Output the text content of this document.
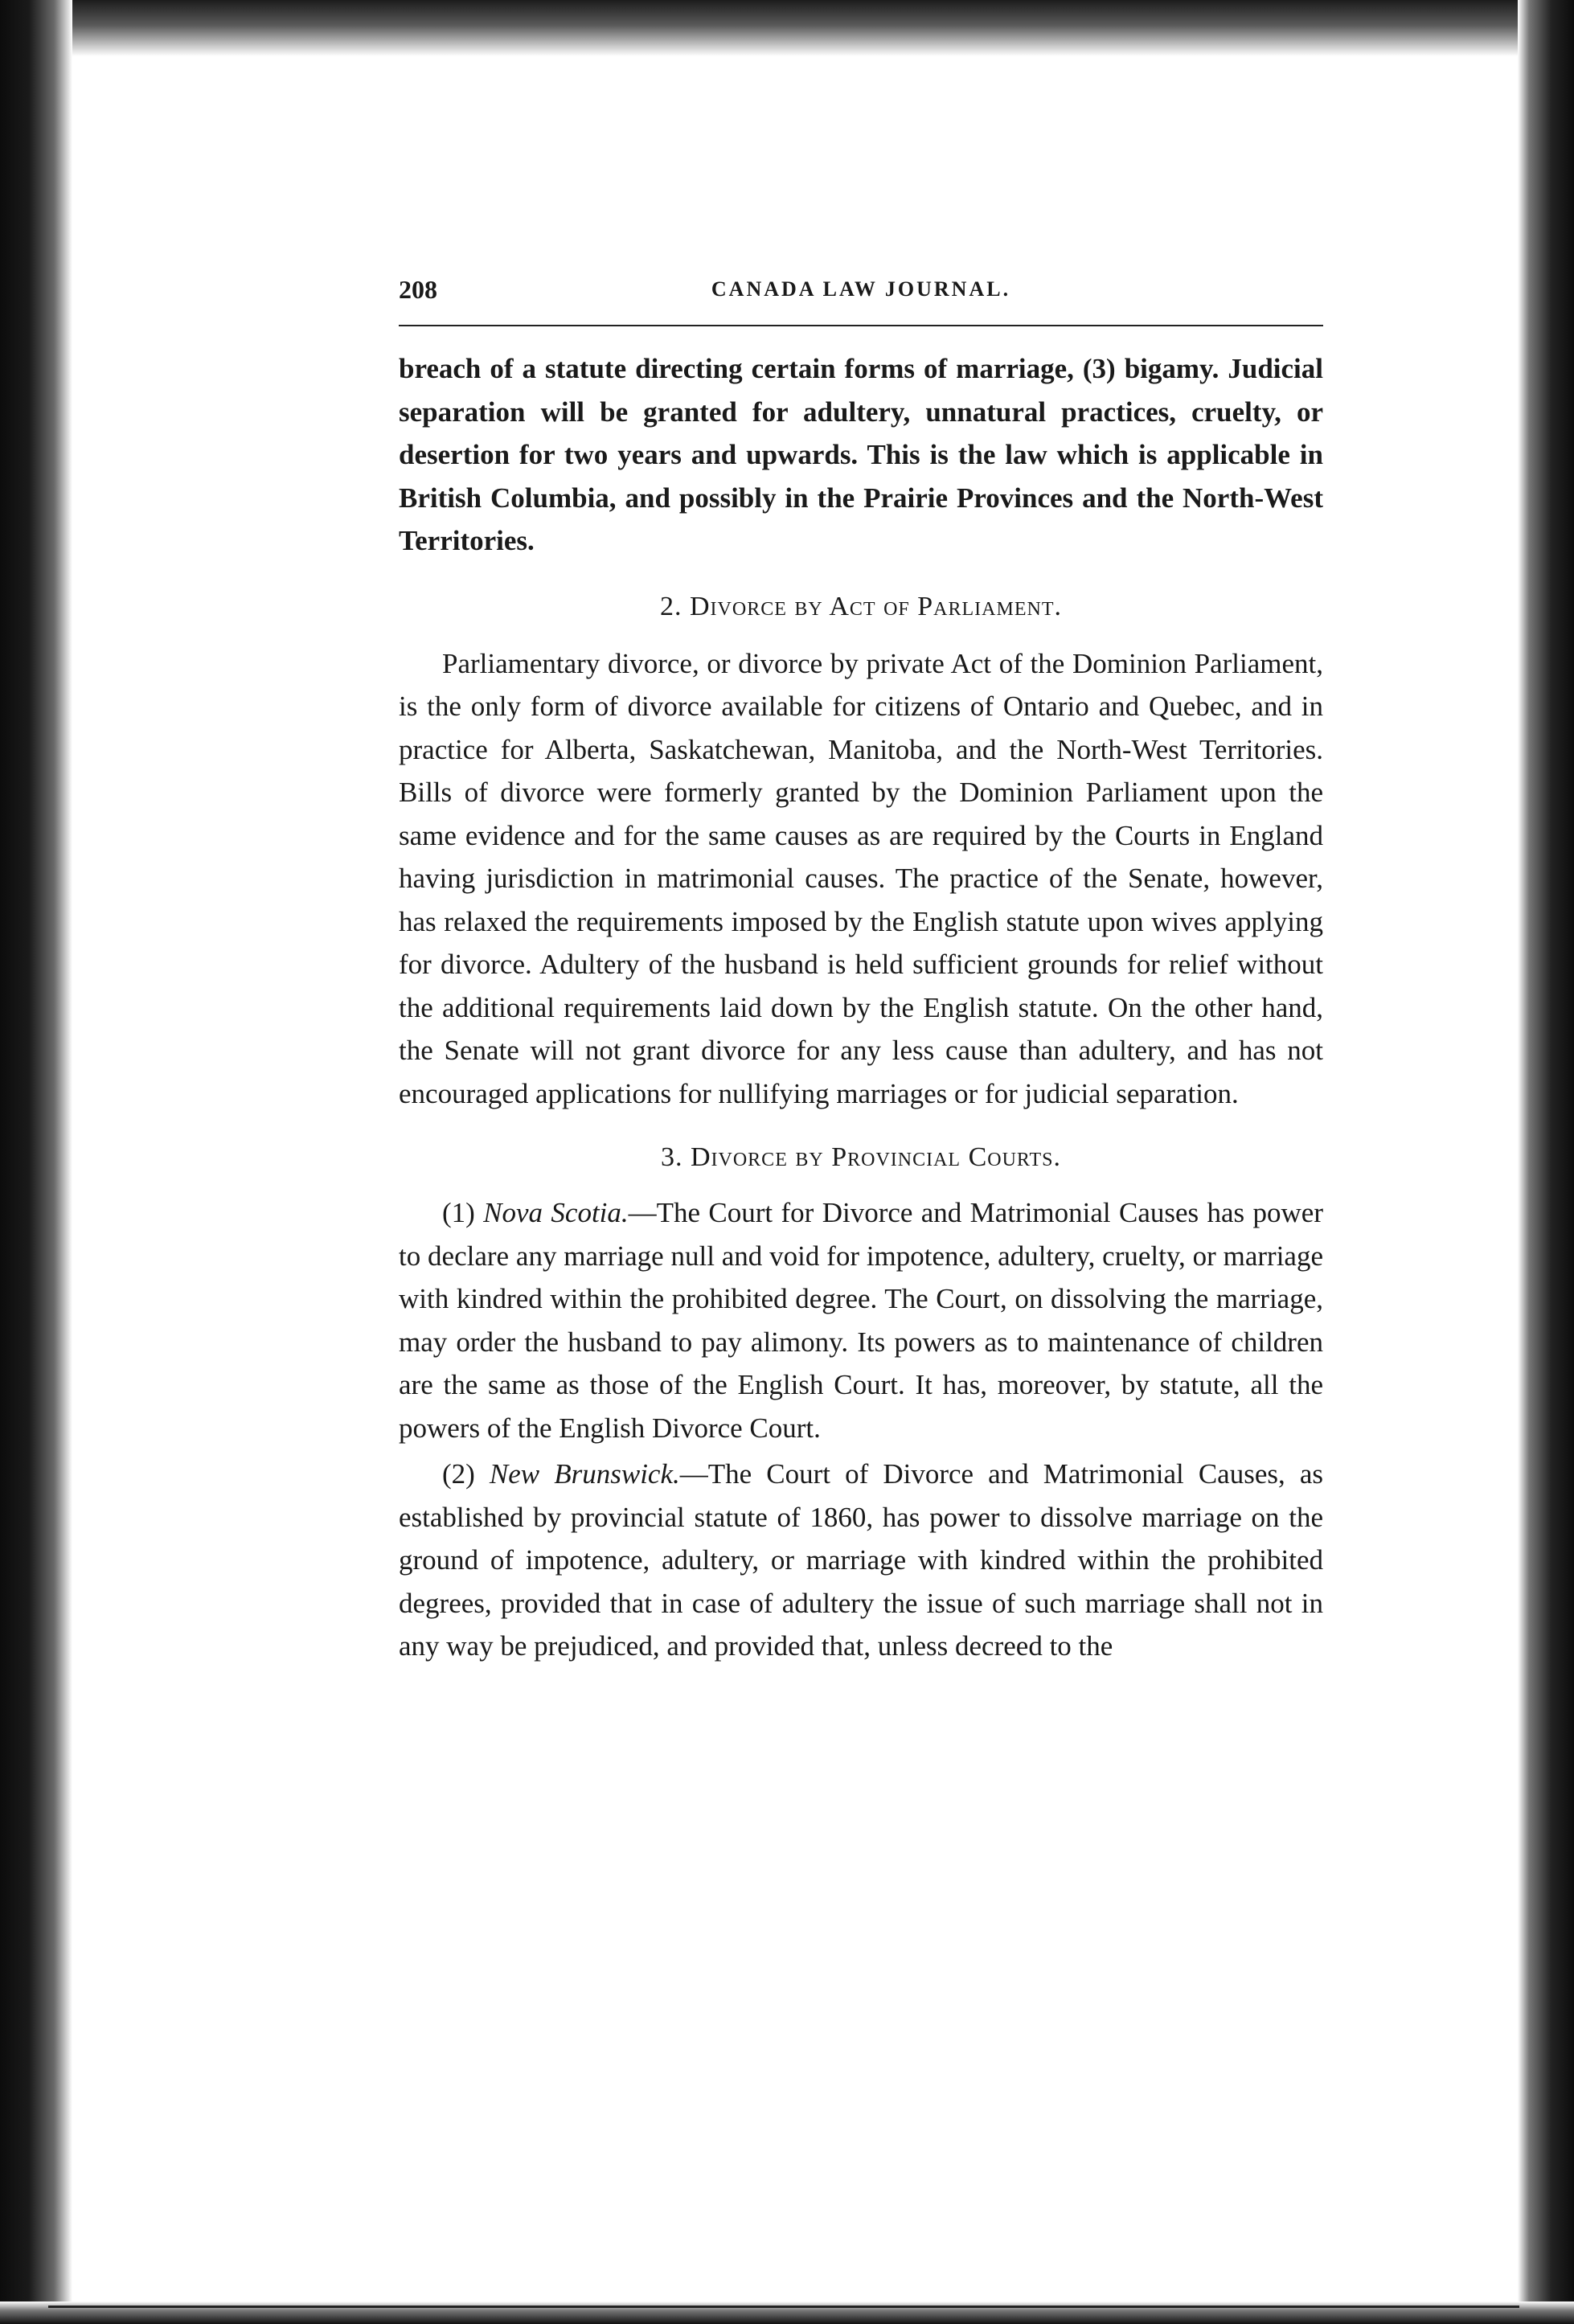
208	CANADA LAW JOURNAL.

breach of a statute directing certain forms of marriage, (3) bigamy. Judicial separation will be granted for adultery, unnatural practices, cruelty, or desertion for two years and upwards. This is the law which is applicable in British Columbia, and possibly in the Prairie Provinces and the North-West Territories.

2. Divorce by Act of Parliament.

Parliamentary divorce, or divorce by private Act of the Dominion Parliament, is the only form of divorce available for citizens of Ontario and Quebec, and in practice for Alberta, Saskatchewan, Manitoba, and the North-West Territories. Bills of divorce were formerly granted by the Dominion Parliament upon the same evidence and for the same causes as are required by the Courts in England having jurisdiction in matrimonial causes. The practice of the Senate, however, has relaxed the requirements imposed by the English statute upon wives applying for divorce. Adultery of the husband is held sufficient grounds for relief without the additional requirements laid down by the English statute. On the other hand, the Senate will not grant divorce for any less cause than adultery, and has not encouraged applications for nullifying marriages or for judicial separation.

3. Divorce by Provincial Courts.

(1) Nova Scotia.—The Court for Divorce and Matrimonial Causes has power to declare any marriage null and void for impotence, adultery, cruelty, or marriage with kindred within the prohibited degree. The Court, on dissolving the marriage, may order the husband to pay alimony. Its powers as to maintenance of children are the same as those of the English Court. It has, moreover, by statute, all the powers of the English Divorce Court.

(2) New Brunswick.—The Court of Divorce and Matrimonial Causes, as established by provincial statute of 1860, has power to dissolve marriage on the ground of impotence, adultery, or marriage with kindred within the prohibited degrees, provided that in case of adultery the issue of such marriage shall not in any way be prejudiced, and provided that, unless decreed to the
